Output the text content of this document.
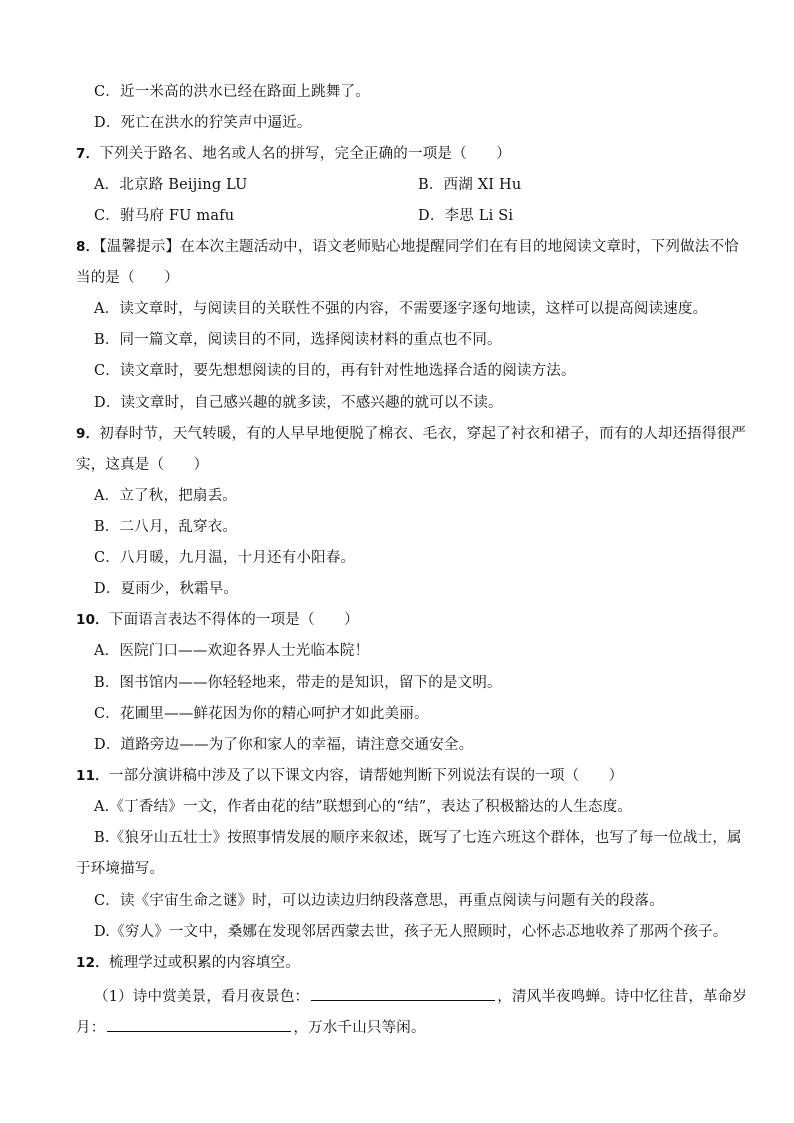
C．近一米高的洪水已经在路面上跳舞了。
D．死亡在洪水的狞笑声中逼近。
7．下列关于路名、地名或人名的拼写，完全正确的一项是（　　）
A．北京路 Beijing LU	B．西湖 XI Hu
C．驸马府 FU mafu	D．李思 Li Si
8．【温馨提示】在本次主题活动中，语文老师贴心地提醒同学们在有目的地阅读文章时，下列做法不恰
当的是（　　）
A．读文章时，与阅读目的关联性不强的内容，不需要逐字逐句地读，这样可以提高阅读速度。
B．同一篇文章，阅读目的不同，选择阅读材料的重点也不同。
C．读文章时，要先想想阅读的目的，再有针对性地选择合适的阅读方法。
D．读文章时，自己感兴趣的就多读，不感兴趣的就可以不读。
9．初春时节，天气转暖，有的人早早地便脱了棉衣、毛衣，穿起了衬衣和裙子，而有的人却还捂得很严
实，这真是（　　）
A．立了秋，把扇丢。
B．二八月，乱穿衣。
C．八月暖，九月温，十月还有小阳春。
D．夏雨少，秋霜早。
10．下面语言表达不得体的一项是（　　）
A．医院门口——欢迎各界人士光临本院！
B．图书馆内——你轻轻地来，带走的是知识，留下的是文明。
C．花圃里——鲜花因为你的精心呵护才如此美丽。
D．道路旁边——为了你和家人的幸福，请注意交通安全。
11．一部分演讲稿中涉及了以下课文内容，请帮她判断下列说法有误的一项（　　）
A.《丁香结》一文，作者由花的结”联想到心的“结”，表达了积极豁达的人生态度。
B.《狼牙山五壮士》按照事情发展的顺序来叙述，既写了七连六班这个群体，也写了每一位战士，属
于环境描写。
C．读《宇宙生命之谜》时，可以边读边归纳段落意思，再重点阅读与问题有关的段落。
D.《穷人》一文中，桑娜在发现邻居西蒙去世，孩子无人照顾时，心怀忐忑地收养了那两个孩子。
12．梳理学过或积累的内容填空。
（1）诗中赏美景，看月夜景色：	，清风半夜鸣蝉。诗中忆往昔，革命岁
月：	，万水千山只等闲。
